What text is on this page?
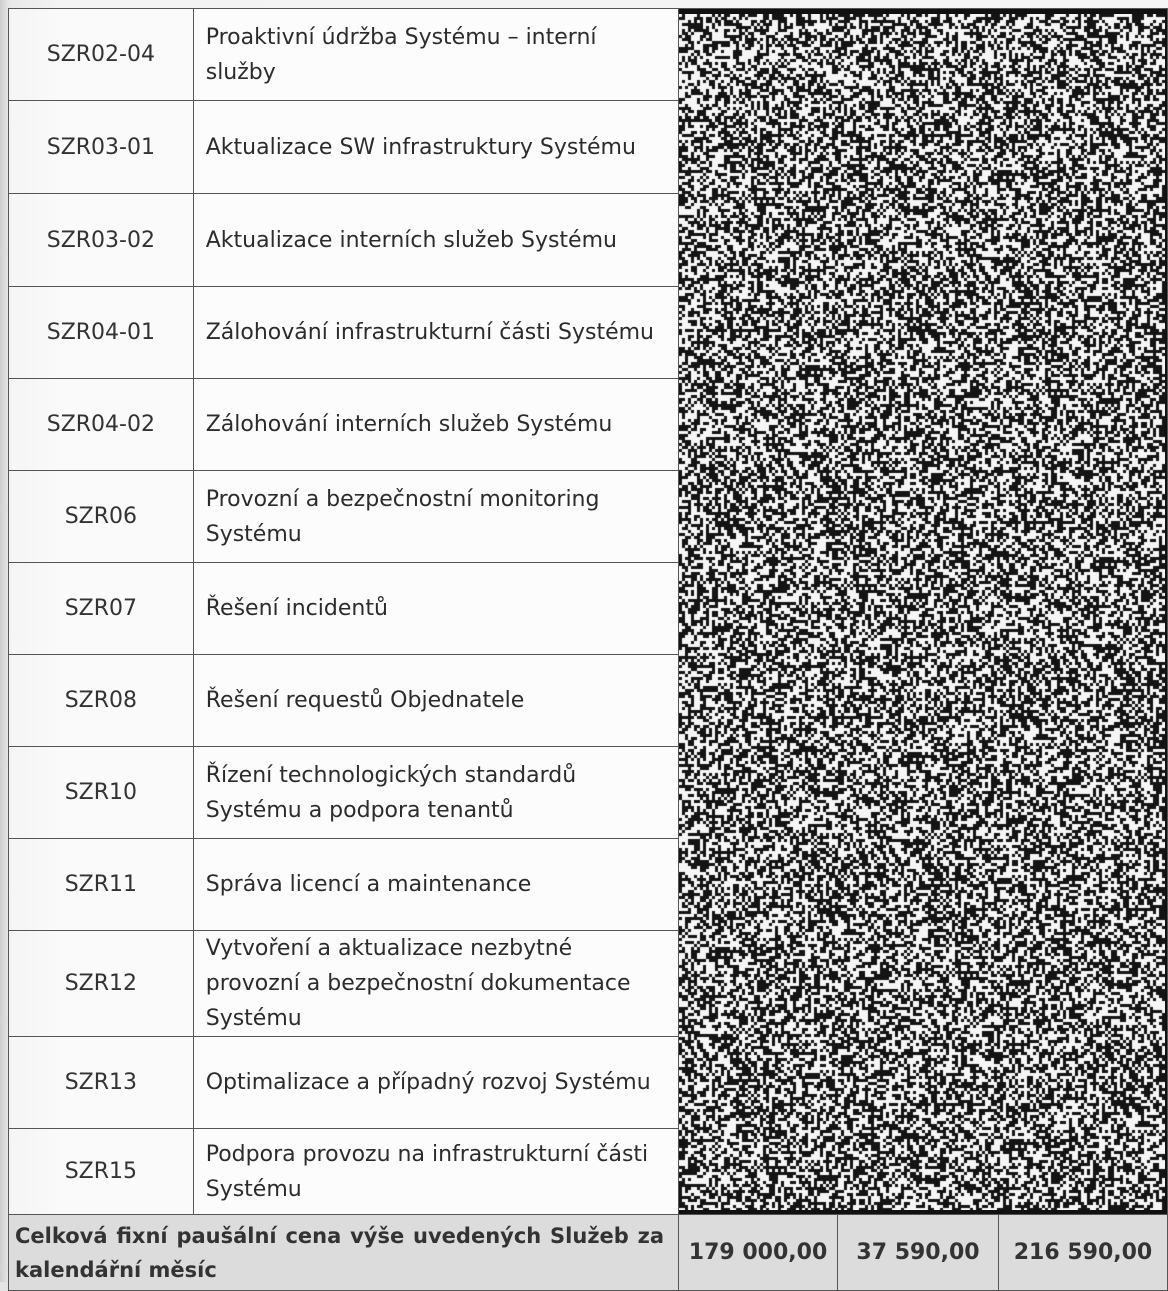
SZR02-04	Proaktivní údržba Systému – interní služby	

SZR03-01	Aktualizace SW infrastruktury Systému			
SZR03-02	Aktualizace interních služeb Systému			
SZR04-01	Zálohování infrastrukturní části Systému			
SZR04-02	Zálohování interních služeb Systému			
SZR06	Provozní a bezpečnostní monitoring Systému			
SZR07	Řešení incidentů			
SZR08	Řešení requestů Objednatele			
SZR10	Řízení technologických standardů Systému a podpora tenantů			
SZR11	Správa licencí a maintenance			
SZR12	Vytvoření a aktualizace nezbytné provozní a bezpečnostní dokumentace Systému			
SZR13	Optimalizace a případný rozvoj Systému			
SZR15	Podpora provozu na infrastrukturní části Systému			
Celková fixní paušální cena výše uvedených Služeb za kalendářní měsíc		179 000,00	37 590,00	216 590,00
